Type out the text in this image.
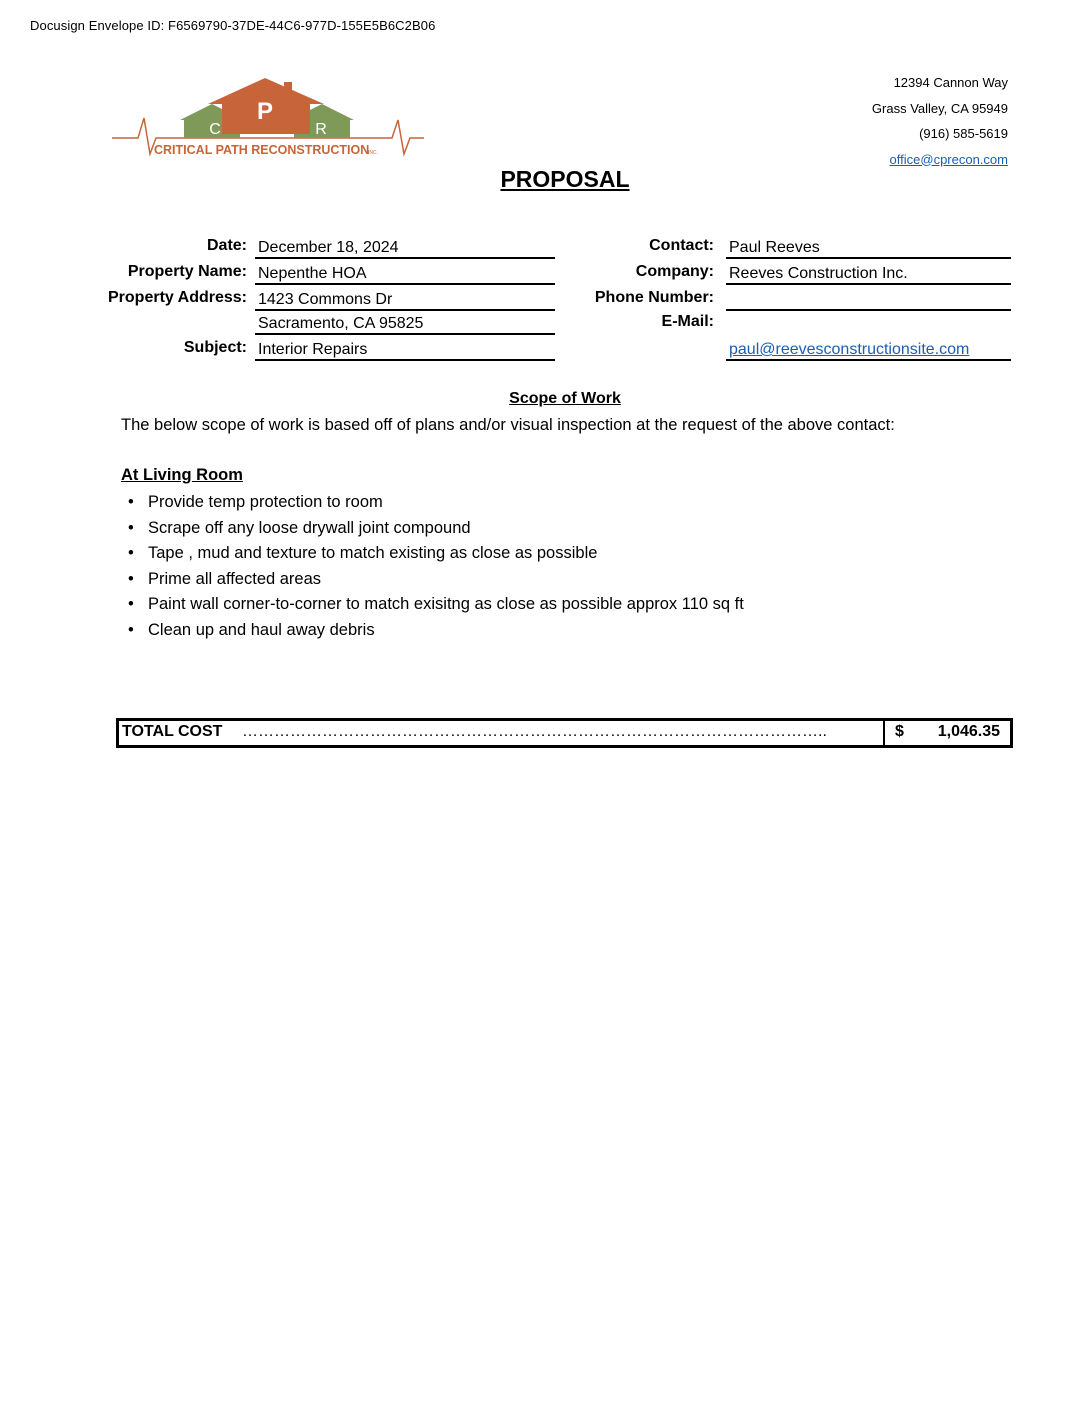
Docusign Envelope ID: F6569790-37DE-44C6-977D-155E5B6C2B06
P
C	R
CRITICAL PATH RECONSTRUCTION
INC.
12394 Cannon Way
Grass Valley, CA 95949
(916) 585-5619
office@cprecon.com
PROPOSAL
Date: December 18, 2024
Property Name: Nepenthe HOA
Property Address: 1423 Commons Dr
Sacramento, CA 95825
Subject: Interior Repairs
Contact: Paul Reeves
Company: Reeves Construction Inc.
Phone Number:
E-Mail:
paul@reevesconstructionsite.com
Scope of Work
The below scope of work is based off of plans and/or visual inspection at the request of the above contact:
At Living Room
• Provide temp protection to room
• Scrape off any loose drywall joint compound
• Tape , mud and texture to match existing as close as possible
• Prime all affected areas
• Paint wall corner-to-corner to match exisitng as close as possible approx 110 sq ft
• Clean up and haul away debris
TOTAL COST ………………………………………………………………………………………………..	$ 1,046.35
